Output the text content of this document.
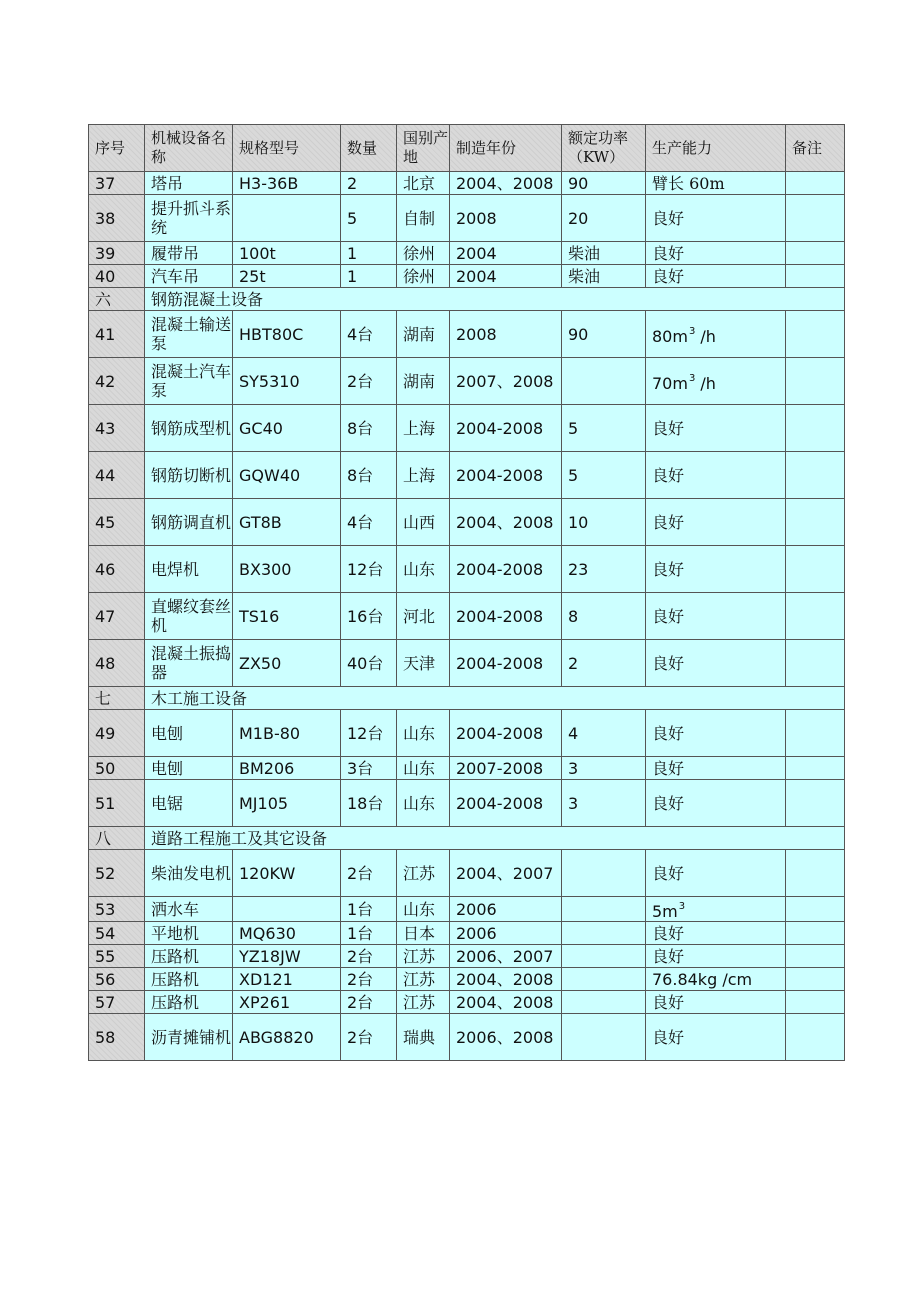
序号	机械设备名称	规格型号	数量	国别产地	制造年份	额定功率（KW）	生产能力	备注
37	塔吊	H3-36B	2	北京	2004、2008	90	臂长 60m	
38	提升抓斗系统		5	自制	2008	20	良好	
39	履带吊	100t	1	徐州	2004	柴油	良好	
40	汽车吊	25t	1	徐州	2004	柴油	良好	
六	钢筋混凝土设备							
41	混凝土输送泵	HBT80C	4台	湖南	2008	90	$80m^3$ /h	
42	混凝土汽车泵	SY5310	2台	湖南	2007、2008		$70m^3$ /h	
43	钢筋成型机	GC40	8台	上海	2004-2008	5	良好	
44	钢筋切断机	GQW40	8台	上海	2004-2008	5	良好	
45	钢筋调直机	GT8B	4台	山西	2004、2008	10	良好	
46	电焊机	BX300	12台	山东	2004-2008	23	良好	
47	直螺纹套丝机	TS16	16台	河北	2004-2008	8	良好	
48	混凝土振捣器	ZX50	40台	天津	2004-2008	2	良好	
七	木工施工设备							
49	电刨	M1B-80	12台	山东	2004-2008	4	良好	
50	电刨	BM206	3台	山东	2007-2008	3	良好	
51	电锯	MJ105	18台	山东	2004-2008	3	良好	
八	道路工程施工及其它设备							
52	柴油发电机	120KW	2台	江苏	2004、2007		良好	
53	洒水车		1台	山东	2006		$5m^3$	
54	平地机	MQ630	1台	日本	2006		良好	
55	压路机	YZ18JW	2台	江苏	2006、2007		良好	
56	压路机	XD121	2台	江苏	2004、2008		76.84kg /cm	
57	压路机	XP261	2台	江苏	2004、2008		良好	
58	沥青摊铺机	ABG8820	2台	瑞典	2006、2008		良好	
